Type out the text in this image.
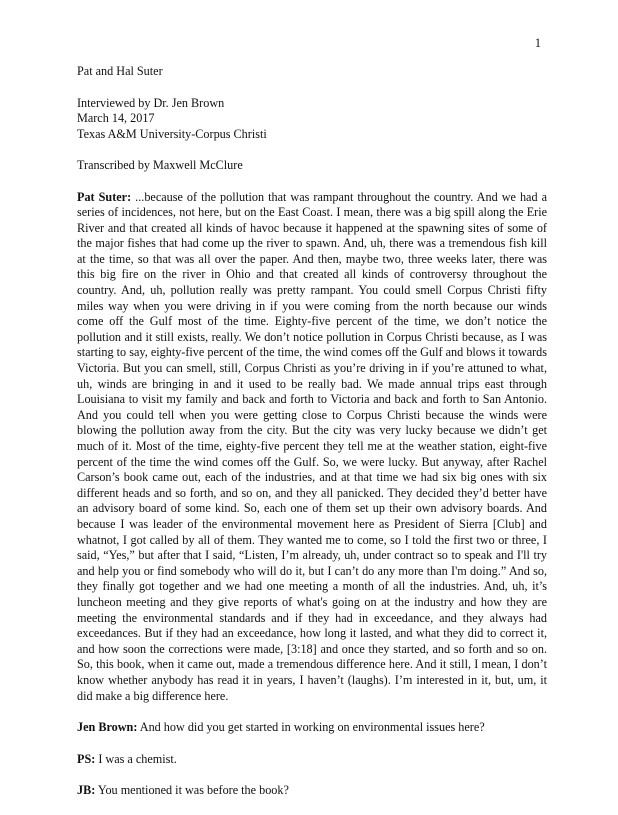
1

Pat and Hal Suter

Interviewed by Dr. Jen Brown

March 14, 2017

Texas A&M University-Corpus Christi

Transcribed by Maxwell McClure

Pat Suter: ...because of the pollution that was rampant throughout the country. And we had a series of incidences, not here, but on the East Coast. I mean, there was a big spill along the Erie River and that created all kinds of havoc because it happened at the spawning sites of some of the major fishes that had come up the river to spawn. And, uh, there was a tremendous fish kill at the time, so that was all over the paper. And then, maybe two, three weeks later, there was this big fire on the river in Ohio and that created all kinds of controversy throughout the country. And, uh, pollution really was pretty rampant. You could smell Corpus Christi fifty miles way when you were driving in if you were coming from the north because our winds come off the Gulf most of the time. Eighty-five percent of the time, we don’t notice the pollution and it still exists, really. We don’t notice pollution in Corpus Christi because, as I was starting to say, eighty-five percent of the time, the wind comes off the Gulf and blows it towards Victoria. But you can smell, still, Corpus Christi as you’re driving in if you’re attuned to what, uh, winds are bringing in and it used to be really bad. We made annual trips east through Louisiana to visit my family and back and forth to Victoria and back and forth to San Antonio. And you could tell when you were getting close to Corpus Christi because the winds were blowing the pollution away from the city. But the city was very lucky because we didn’t get much of it. Most of the time, eighty-five percent they tell me at the weather station, eight-five percent of the time the wind comes off the Gulf. So, we were lucky. But anyway, after Rachel Carson’s book came out, each of the industries, and at that time we had six big ones with six different heads and so forth, and so on, and they all panicked. They decided they’d better have an advisory board of some kind. So, each one of them set up their own advisory boards. And because I was leader of the environmental movement here as President of Sierra [Club] and whatnot, I got called by all of them. They wanted me to come, so I told the first two or three, I said, “Yes,” but after that I said, “Listen, I’m already, uh, under contract so to speak and I'll try and help you or find somebody who will do it, but I can’t do any more than I'm doing.” And so, they finally got together and we had one meeting a month of all the industries. And, uh, it’s luncheon meeting and they give reports of what's going on at the industry and how they are meeting the environmental standards and if they had in exceedance, and they always had exceedances. But if they had an exceedance, how long it lasted, and what they did to correct it, and how soon the corrections were made, [3:18] and once they started, and so forth and so on. So, this book, when it came out, made a tremendous difference here. And it still, I mean, I don’t know whether anybody has read it in years, I haven’t (laughs). I’m interested in it, but, um, it did make a big difference here.

Jen Brown: And how did you get started in working on environmental issues here?

PS: I was a chemist.

JB: You mentioned it was before the book?
